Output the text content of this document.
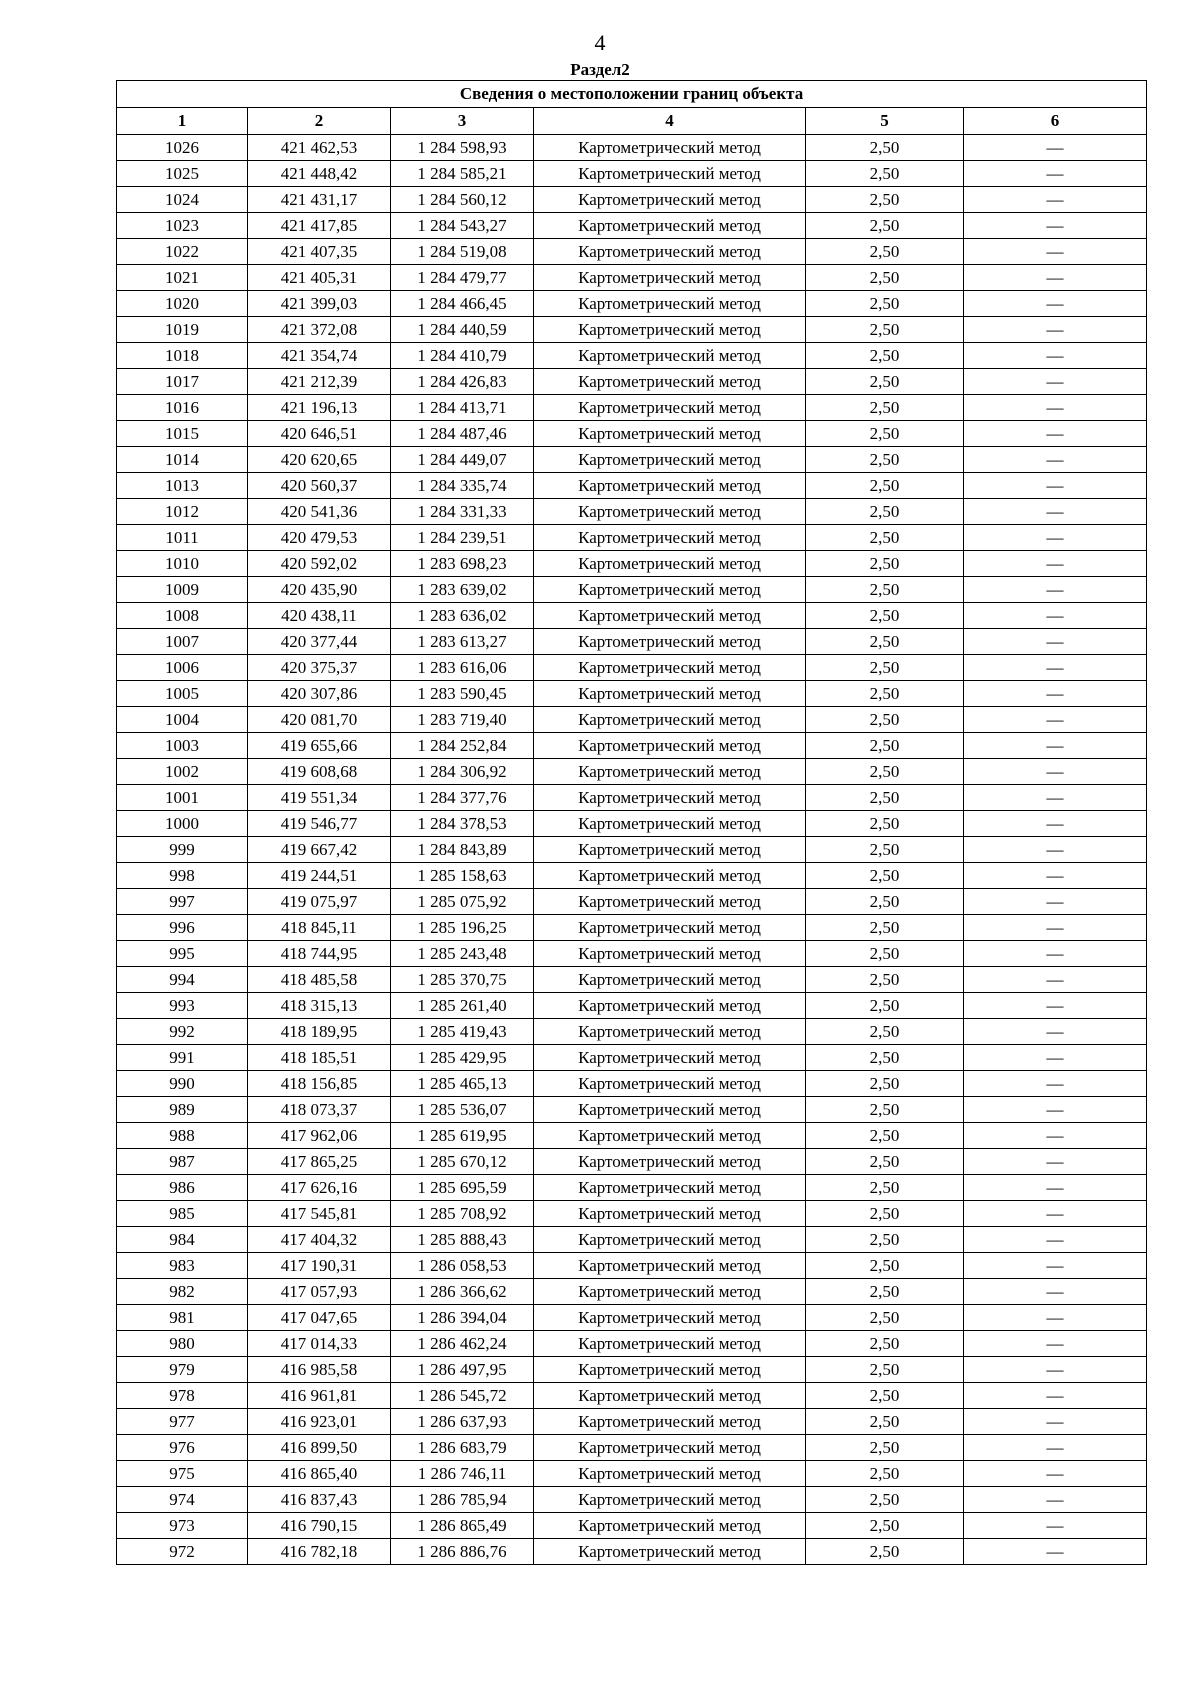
4
Раздел2
Сведения о местоположении границ объекта					
1	2	3	4	5	6
1026	421 462,53	1 284 598,93	Картометрический метод	2,50	—
1025	421 448,42	1 284 585,21	Картометрический метод	2,50	—
1024	421 431,17	1 284 560,12	Картометрический метод	2,50	—
1023	421 417,85	1 284 543,27	Картометрический метод	2,50	—
1022	421 407,35	1 284 519,08	Картометрический метод	2,50	—
1021	421 405,31	1 284 479,77	Картометрический метод	2,50	—
1020	421 399,03	1 284 466,45	Картометрический метод	2,50	—
1019	421 372,08	1 284 440,59	Картометрический метод	2,50	—
1018	421 354,74	1 284 410,79	Картометрический метод	2,50	—
1017	421 212,39	1 284 426,83	Картометрический метод	2,50	—
1016	421 196,13	1 284 413,71	Картометрический метод	2,50	—
1015	420 646,51	1 284 487,46	Картометрический метод	2,50	—
1014	420 620,65	1 284 449,07	Картометрический метод	2,50	—
1013	420 560,37	1 284 335,74	Картометрический метод	2,50	—
1012	420 541,36	1 284 331,33	Картометрический метод	2,50	—
1011	420 479,53	1 284 239,51	Картометрический метод	2,50	—
1010	420 592,02	1 283 698,23	Картометрический метод	2,50	—
1009	420 435,90	1 283 639,02	Картометрический метод	2,50	—
1008	420 438,11	1 283 636,02	Картометрический метод	2,50	—
1007	420 377,44	1 283 613,27	Картометрический метод	2,50	—
1006	420 375,37	1 283 616,06	Картометрический метод	2,50	—
1005	420 307,86	1 283 590,45	Картометрический метод	2,50	—
1004	420 081,70	1 283 719,40	Картометрический метод	2,50	—
1003	419 655,66	1 284 252,84	Картометрический метод	2,50	—
1002	419 608,68	1 284 306,92	Картометрический метод	2,50	—
1001	419 551,34	1 284 377,76	Картометрический метод	2,50	—
1000	419 546,77	1 284 378,53	Картометрический метод	2,50	—
999	419 667,42	1 284 843,89	Картометрический метод	2,50	—
998	419 244,51	1 285 158,63	Картометрический метод	2,50	—
997	419 075,97	1 285 075,92	Картометрический метод	2,50	—
996	418 845,11	1 285 196,25	Картометрический метод	2,50	—
995	418 744,95	1 285 243,48	Картометрический метод	2,50	—
994	418 485,58	1 285 370,75	Картометрический метод	2,50	—
993	418 315,13	1 285 261,40	Картометрический метод	2,50	—
992	418 189,95	1 285 419,43	Картометрический метод	2,50	—
991	418 185,51	1 285 429,95	Картометрический метод	2,50	—
990	418 156,85	1 285 465,13	Картометрический метод	2,50	—
989	418 073,37	1 285 536,07	Картометрический метод	2,50	—
988	417 962,06	1 285 619,95	Картометрический метод	2,50	—
987	417 865,25	1 285 670,12	Картометрический метод	2,50	—
986	417 626,16	1 285 695,59	Картометрический метод	2,50	—
985	417 545,81	1 285 708,92	Картометрический метод	2,50	—
984	417 404,32	1 285 888,43	Картометрический метод	2,50	—
983	417 190,31	1 286 058,53	Картометрический метод	2,50	—
982	417 057,93	1 286 366,62	Картометрический метод	2,50	—
981	417 047,65	1 286 394,04	Картометрический метод	2,50	—
980	417 014,33	1 286 462,24	Картометрический метод	2,50	—
979	416 985,58	1 286 497,95	Картометрический метод	2,50	—
978	416 961,81	1 286 545,72	Картометрический метод	2,50	—
977	416 923,01	1 286 637,93	Картометрический метод	2,50	—
976	416 899,50	1 286 683,79	Картометрический метод	2,50	—
975	416 865,40	1 286 746,11	Картометрический метод	2,50	—
974	416 837,43	1 286 785,94	Картометрический метод	2,50	—
973	416 790,15	1 286 865,49	Картометрический метод	2,50	—
972	416 782,18	1 286 886,76	Картометрический метод	2,50	—
